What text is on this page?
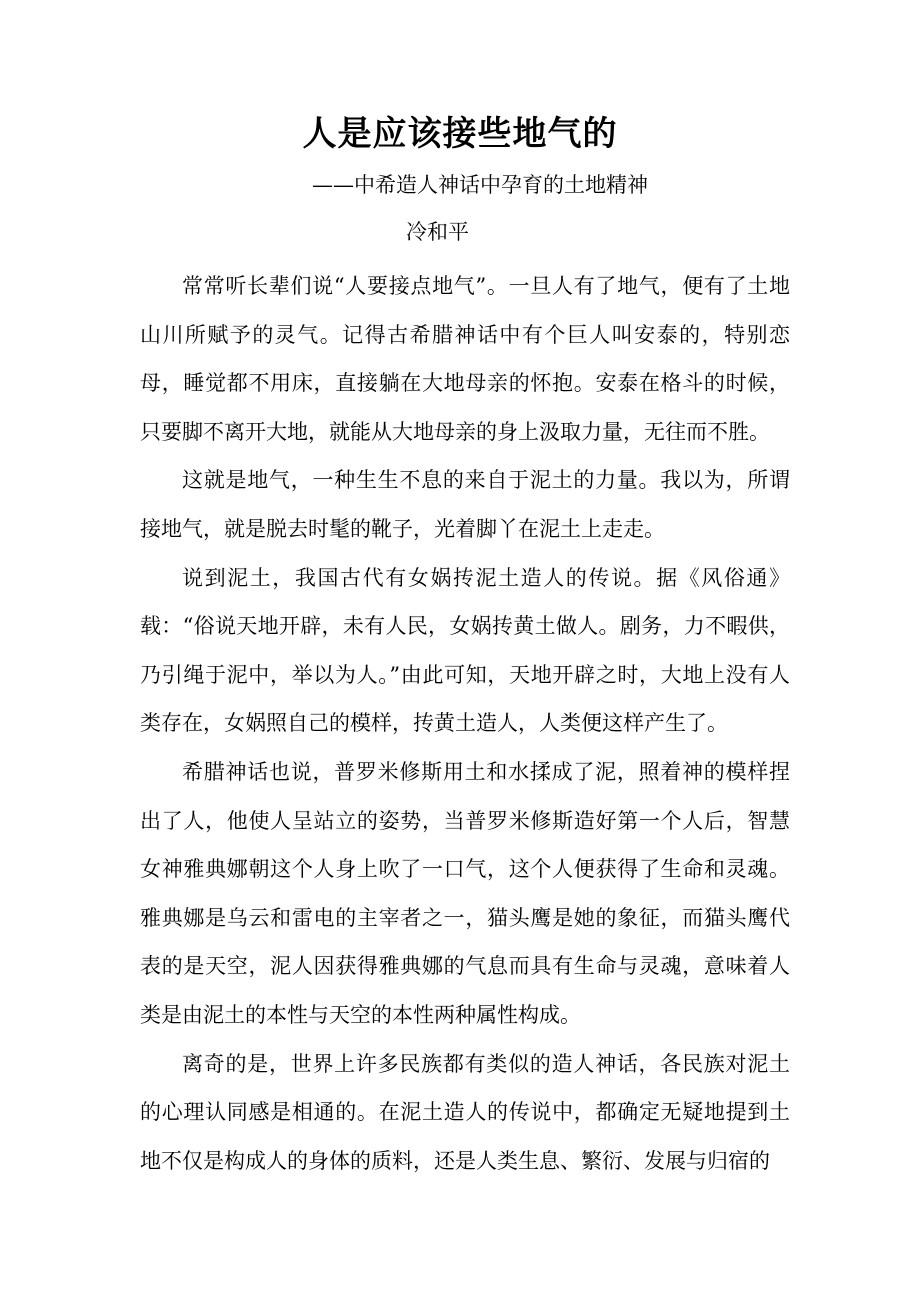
人是应该接些地气的
——中希造人神话中孕育的土地精神
冷和平

常常听长辈们说“人要接点地气”。一旦人有了地气，便有了土地山川所赋予的灵气。记得古希腊神话中有个巨人叫安泰的，特别恋母，睡觉都不用床，直接躺在大地母亲的怀抱。安泰在格斗的时候，只要脚不离开大地，就能从大地母亲的身上汲取力量，无往而不胜。

这就是地气，一种生生不息的来自于泥土的力量。我以为，所谓接地气，就是脱去时髦的靴子，光着脚丫在泥土上走走。

说到泥土，我国古代有女娲抟泥土造人的传说。据《风俗通》载：“俗说天地开辟，未有人民，女娲抟黄土做人。剧务，力不暇供，乃引绳于泥中，举以为人。”由此可知，天地开辟之时，大地上没有人类存在，女娲照自己的模样，抟黄土造人，人类便这样产生了。

希腊神话也说，普罗米修斯用土和水揉成了泥，照着神的模样捏出了人，他使人呈站立的姿势，当普罗米修斯造好第一个人后，智慧女神雅典娜朝这个人身上吹了一口气，这个人便获得了生命和灵魂。雅典娜是乌云和雷电的主宰者之一，猫头鹰是她的象征，而猫头鹰代表的是天空，泥人因获得雅典娜的气息而具有生命与灵魂，意味着人类是由泥土的本性与天空的本性两种属性构成。

离奇的是，世界上许多民族都有类似的造人神话，各民族对泥土的心理认同感是相通的。在泥土造人的传说中，都确定无疑地提到土地不仅是构成人的身体的质料，还是人类生息、繁衍、发展与归宿的
